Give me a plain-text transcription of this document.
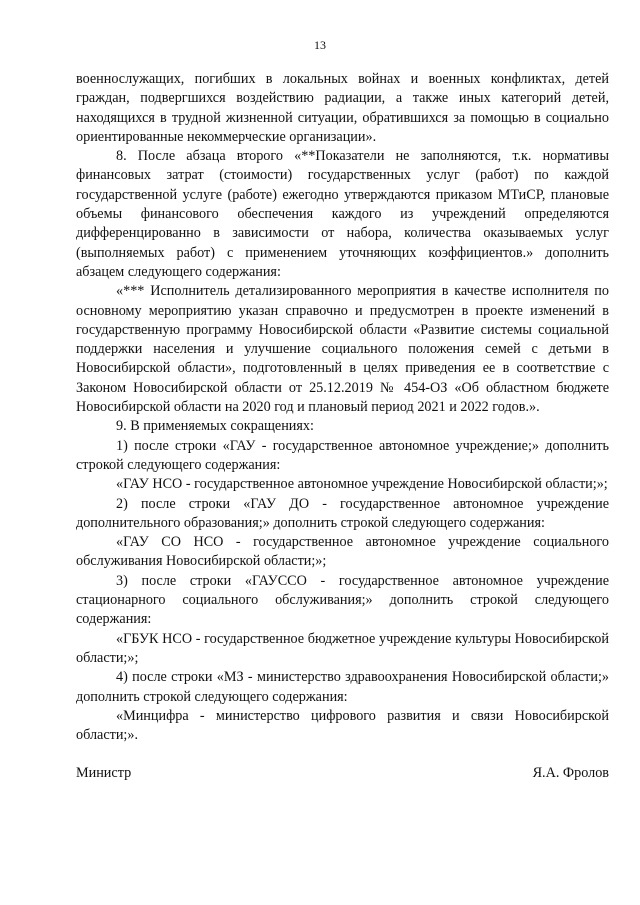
13

военнослужащих, погибших в локальных войнах и военных конфликтах, детей граждан, подвергшихся воздействию радиации, а также иных категорий детей, находящихся в трудной жизненной ситуации, обратившихся за помощью в социально ориентированные некоммерческие организации».

8. После абзаца второго «**Показатели не заполняются, т.к. нормативы финансовых затрат (стоимости) государственных услуг (работ) по каждой государственной услуге (работе) ежегодно утверждаются приказом МТиСР, плановые объемы финансового обеспечения каждого из учреждений определяются дифференцированно в зависимости от набора, количества оказываемых услуг (выполняемых работ) с применением уточняющих коэффициентов.» дополнить абзацем следующего содержания:

«*** Исполнитель детализированного мероприятия в качестве исполнителя по основному мероприятию указан справочно и предусмотрен в проекте изменений в государственную программу Новосибирской области «Развитие системы социальной поддержки населения и улучшение социального положения семей с детьми в Новосибирской области», подготовленный в целях приведения ее в соответствие с Законом Новосибирской области от 25.12.2019 № 454-ОЗ «Об областном бюджете Новосибирской области на 2020 год и плановый период 2021 и 2022 годов.».

9. В применяемых сокращениях:

1) после строки «ГАУ - государственное автономное учреждение;» дополнить строкой следующего содержания:

«ГАУ НСО - государственное автономное учреждение Новосибирской области;»;

2) после строки «ГАУ ДО - государственное автономное учреждение дополнительного образования;» дополнить строкой следующего содержания:

«ГАУ СО НСО - государственное автономное учреждение социального обслуживания Новосибирской области;»;

3) после строки «ГАУССО - государственное автономное учреждение стационарного социального обслуживания;» дополнить строкой следующего содержания:

«ГБУК НСО - государственное бюджетное учреждение культуры Новосибирской области;»;

4) после строки «МЗ - министерство здравоохранения Новосибирской области;» дополнить строкой следующего содержания:

«Минцифра - министерство цифрового развития и связи Новосибирской области;».

Министр	Я.А. Фролов
